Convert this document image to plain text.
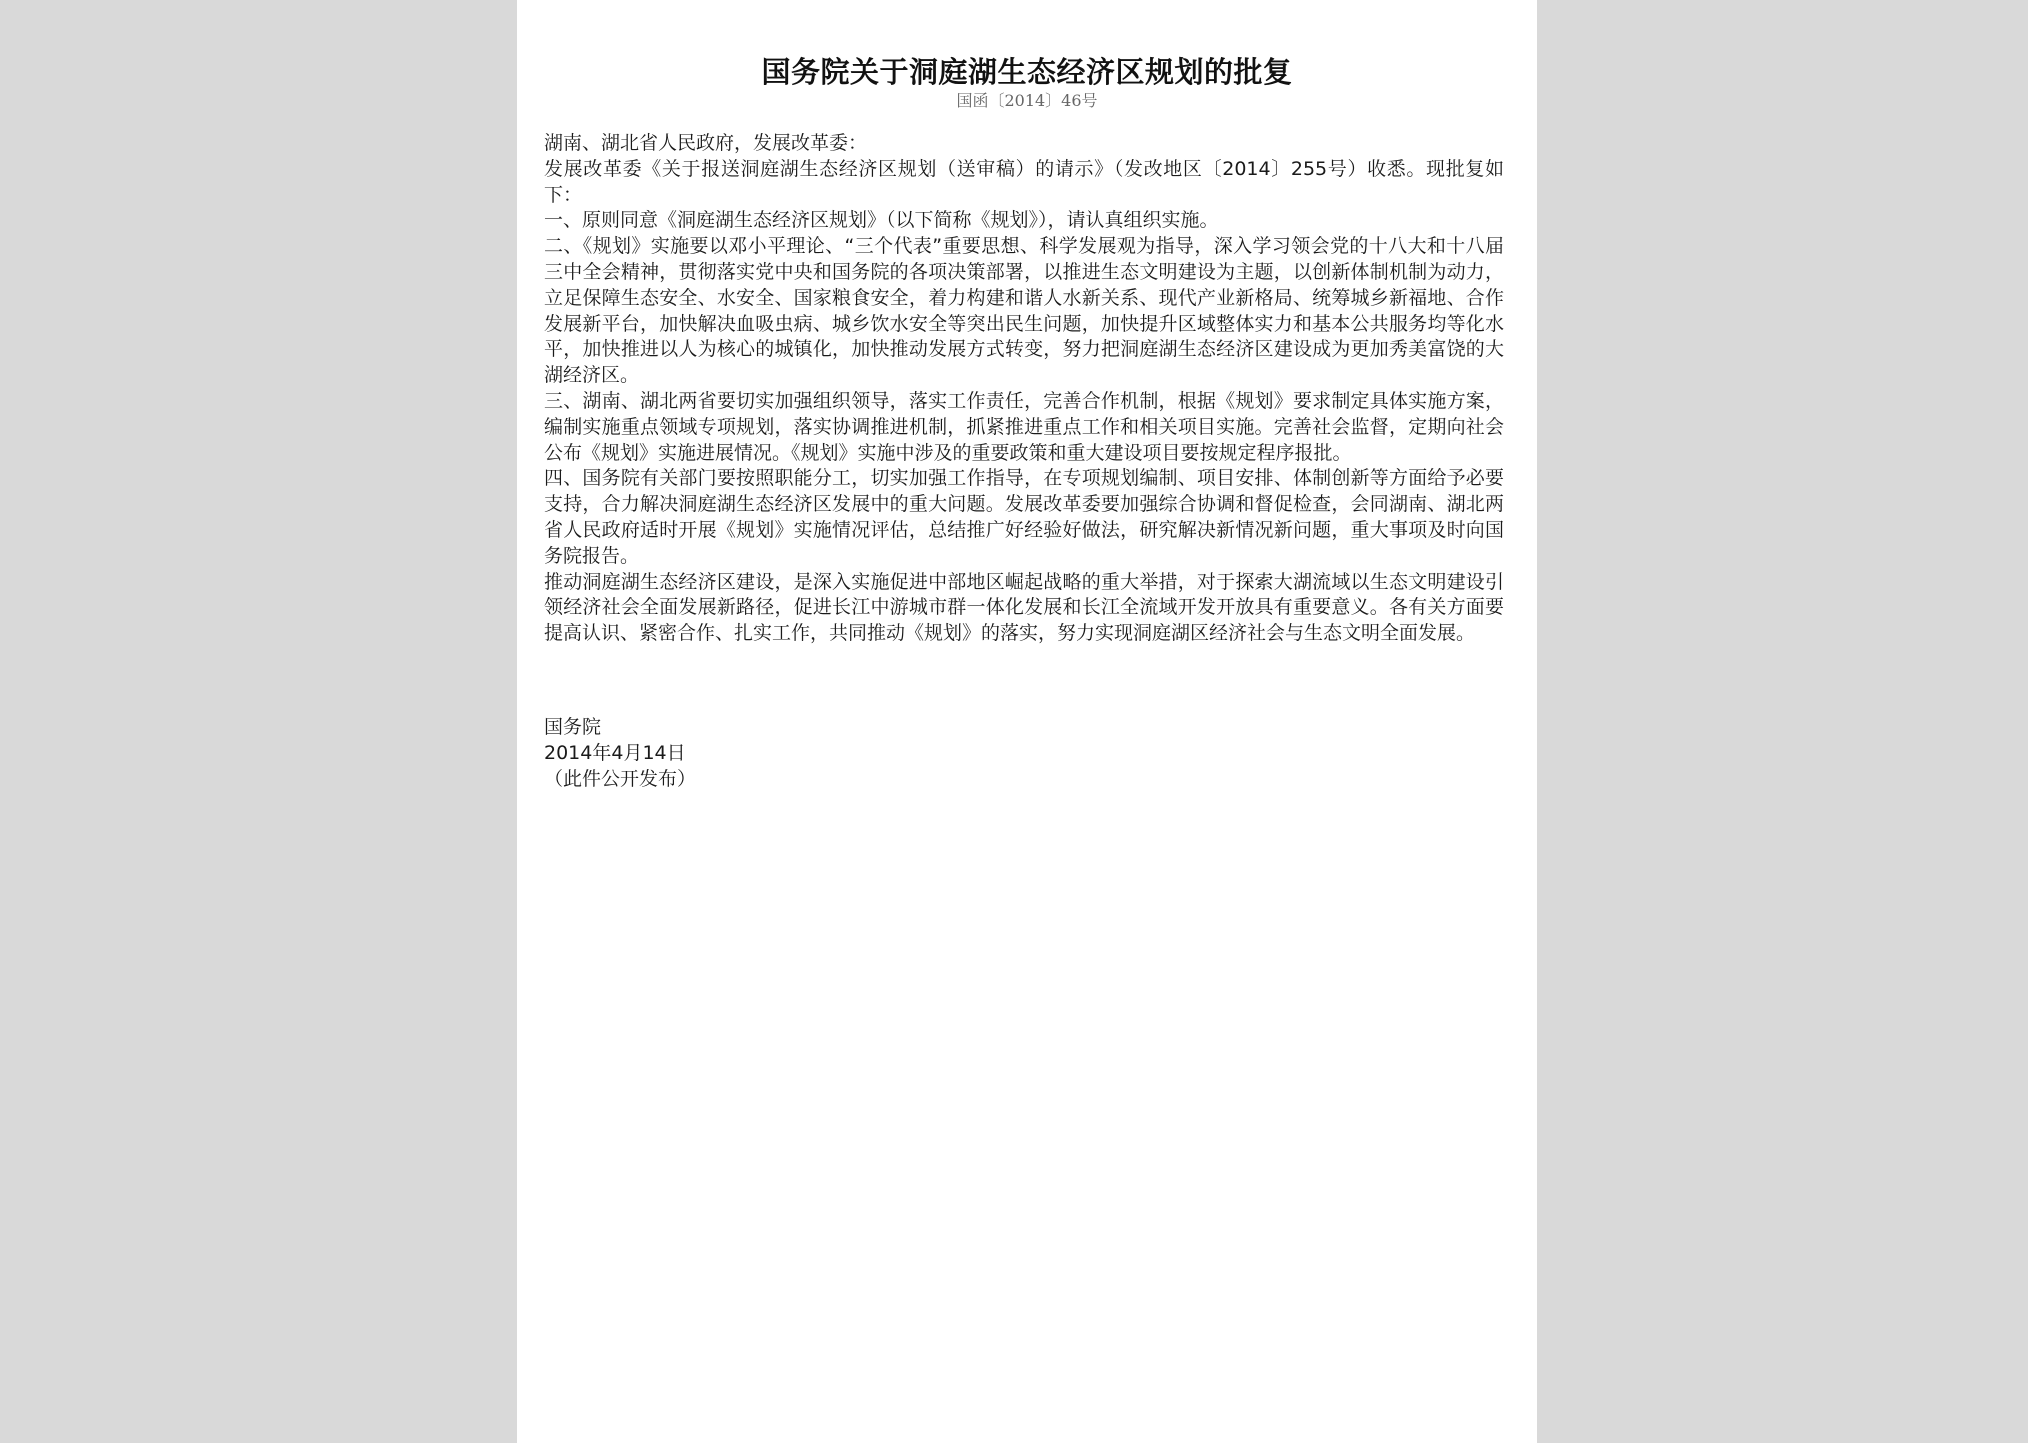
国务院关于洞庭湖生态经济区规划的批复
国函〔2014〕46号

湖南、湖北省人民政府，发展改革委：

发展改革委《关于报送洞庭湖生态经济区规划（送审稿）的请示》（发改地区〔2014〕255号）收悉。现批复如下：

一、原则同意《洞庭湖生态经济区规划》（以下简称《规划》），请认真组织实施。

二、《规划》实施要以邓小平理论、“三个代表”重要思想、科学发展观为指导，深入学习领会党的十八大和十八届三中全会精神，贯彻落实党中央和国务院的各项决策部署，以推进生态文明建设为主题，以创新体制机制为动力，立足保障生态安全、水安全、国家粮食安全，着力构建和谐人水新关系、现代产业新格局、统筹城乡新福地、合作发展新平台，加快解决血吸虫病、城乡饮水安全等突出民生问题，加快提升区域整体实力和基本公共服务均等化水平，加快推进以人为核心的城镇化，加快推动发展方式转变，努力把洞庭湖生态经济区建设成为更加秀美富饶的大湖经济区。

三、湖南、湖北两省要切实加强组织领导，落实工作责任，完善合作机制，根据《规划》要求制定具体实施方案，编制实施重点领域专项规划，落实协调推进机制，抓紧推进重点工作和相关项目实施。完善社会监督，定期向社会公布《规划》实施进展情况。《规划》实施中涉及的重要政策和重大建设项目要按规定程序报批。

四、国务院有关部门要按照职能分工，切实加强工作指导，在专项规划编制、项目安排、体制创新等方面给予必要支持，合力解决洞庭湖生态经济区发展中的重大问题。发展改革委要加强综合协调和督促检查，会同湖南、湖北两省人民政府适时开展《规划》实施情况评估，总结推广好经验好做法，研究解决新情况新问题，重大事项及时向国务院报告。

推动洞庭湖生态经济区建设，是深入实施促进中部地区崛起战略的重大举措，对于探索大湖流域以生态文明建设引领经济社会全面发展新路径，促进长江中游城市群一体化发展和长江全流域开发开放具有重要意义。各有关方面要提高认识、紧密合作、扎实工作，共同推动《规划》的落实，努力实现洞庭湖区经济社会与生态文明全面发展。

国务院

2014年4月14日

（此件公开发布）
